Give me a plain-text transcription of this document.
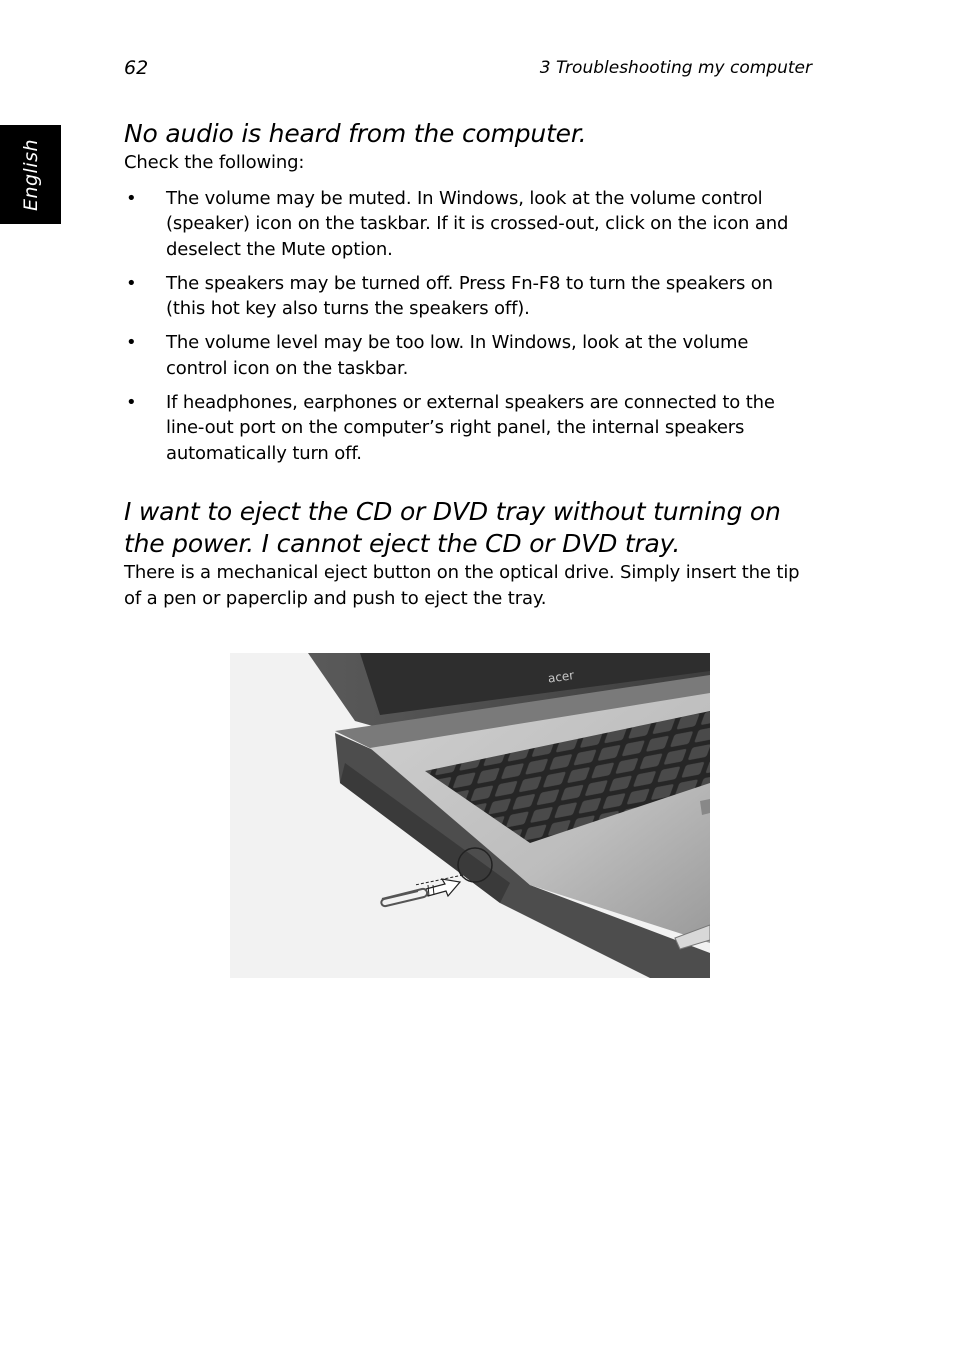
62	3 Troubleshooting my computer
English
No audio is heard from the computer.

Check the following:

• The volume may be muted. In Windows, look at the volume control (speaker) icon on the taskbar. If it is crossed-out, click on the icon and deselect the Mute option.
• The speakers may be turned off. Press Fn-F8 to turn the speakers on (this hot key also turns the speakers off).
• The volume level may be too low. In Windows, look at the volume control icon on the taskbar.
• If headphones, earphones or external speakers are connected to the line-out port on the computer’s right panel, the internal speakers automatically turn off.
I want to eject the CD or DVD tray without turning on the power. I cannot eject the CD or DVD tray.

There is a mechanical eject button on the optical drive. Simply insert the tip of a pen or paperclip and push to eject the tray.

acer
